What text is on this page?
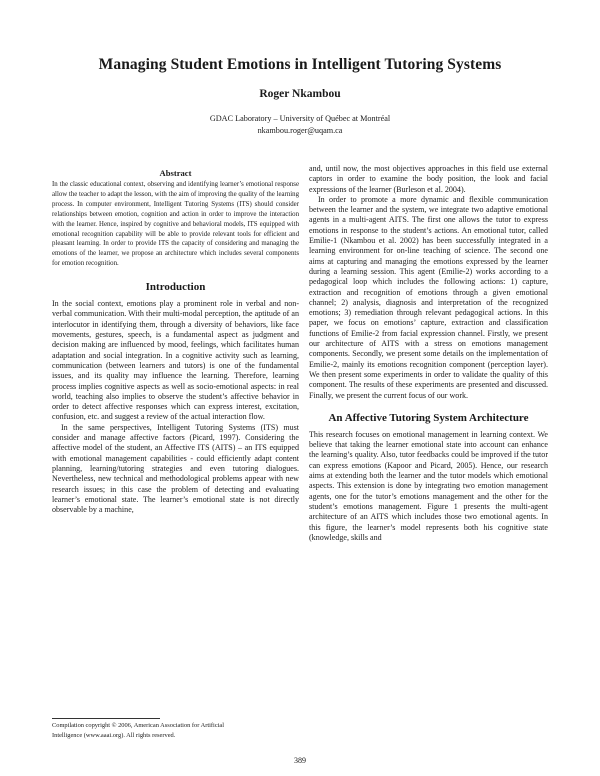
Managing Student Emotions in Intelligent Tutoring Systems
Roger Nkambou
GDAC Laboratory – University of Québec at Montréal
nkambou.roger@uqam.ca
Abstract

In the classic educational context, observing and identifying learner’s emotional response allow the teacher to adapt the lesson, with the aim of improving the quality of the learning process. In computer environment, Intelligent Tutoring Systems (ITS) should consider relationships between emotion, cognition and action in order to improve the interaction with the learner. Hence, inspired by cognitive and behavioral models, ITS equipped with emotional recognition capability will be able to provide relevant tools for efficient and pleasant learning. In order to provide ITS the capacity of considering and managing the emotions of the learner, we propose an architecture which includes several components for emotion recognition.

Introduction

In the social context, emotions play a prominent role in verbal and non-verbal communication. With their multi-modal perception, the aptitude of an interlocutor in identifying them, through a diversity of behaviors, like face movements, gestures, speech, is a fundamental aspect as judgment and decision making are influenced by mood, feelings, which facilitates human adaptation and social integration. In a cognitive activity such as learning, communication (between learners and tutors) is one of the fundamental issues, and its quality may influence the learning. Therefore, learning process implies cognitive aspects as well as socio-emotional aspects: in real world, teaching also implies to observe the student’s affective behavior in order to detect affective responses which can express interest, excitation, confusion, etc. and suggest a review of the actual interaction flow.

In the same perspectives, Intelligent Tutoring Systems (ITS) must consider and manage affective factors (Picard, 1997). Considering the affective model of the student, an Affective ITS (AITS) – an ITS equipped with emotional management capabilities - could efficiently adapt content planning, learning/tutoring strategies and even tutoring dialogues. Nevertheless, new technical and methodological problems appear with new research issues; in this case the problem of detecting and evaluating learner’s emotional state. The learner’s emotional state is not directly observable by a machine,

and, until now, the most objectives approaches in this field use external captors in order to examine the body position, the look and facial expressions of the learner (Burleson et al. 2004).

In order to promote a more dynamic and flexible communication between the learner and the system, we integrate two adaptive emotional agents in a multi-agent AITS. The first one allows the tutor to express emotions in response to the student’s actions. An emotional tutor, called Emilie-1 (Nkambou et al. 2002) has been successfully integrated in a learning environment for on-line teaching of science. The second one aims at capturing and managing the emotions expressed by the learner during a learning session. This agent (Emilie-2) works according to a pedagogical loop which includes the following actions: 1) capture, extraction and recognition of emotions through a given emotional channel; 2) analysis, diagnosis and interpretation of the recognized emotions; 3) remediation through relevant pedagogical actions. In this paper, we focus on emotions’ capture, extraction and classification functions of Emilie-2 from facial expression channel. Firstly, we present our architecture of AITS with a stress on emotions management components. Secondly, we present some details on the implementation of Emilie-2, mainly its emotions recognition component (perception layer). We then present some experiments in order to validate the quality of this component. The results of these experiments are presented and discussed. Finally, we present the current focus of our work.

An Affective Tutoring System Architecture

This research focuses on emotional management in learning context. We believe that taking the learner emotional state into account can enhance the learning’s quality. Also, tutor feedbacks could be improved if the tutor can express emotions (Kapoor and Picard, 2005). Hence, our research aims at extending both the learner and the tutor models which emotional aspects. This extension is done by integrating two emotion management agents, one for the tutor’s emotions management and the other for the student’s emotions management. Figure 1 presents the multi-agent architecture of an AITS which includes those two emotional agents. In this figure, the learner’s model represents both his cognitive state (knowledge, skills and

Compilation copyright © 2006, American Association for Artificial
Intelligence (www.aaai.org). All rights reserved.
389
